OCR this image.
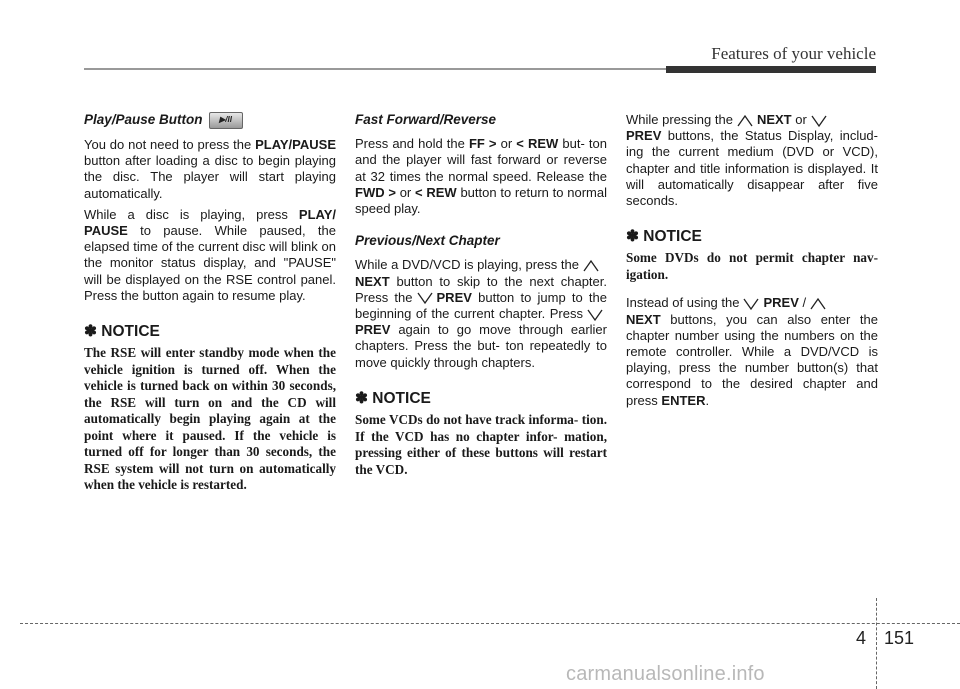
Features of your vehicle
Play/Pause Button	▶/II

You do not need to press the PLAY/PAUSE button after loading a disc to begin playing the disc. The player will start playing automatically.

While a disc is playing, press PLAY/ PAUSE to pause. While paused, the elapsed time of the current disc will blink on the monitor status display, and "PAUSE" will be displayed on the RSE control panel. Press the button again to resume play.

✽ NOTICE

The RSE will enter standby mode when the vehicle ignition is turned off. When the vehicle is turned back on within 30 seconds, the RSE will turn on and the CD will automatically begin playing again at the point where it paused. If the vehicle is turned off for longer than 30 seconds, the RSE system will not turn on automatically when the vehicle is restarted.

Fast Forward/Reverse

Press and hold the FF > or < REW but- ton and the player will fast forward or reverse at 32 times the normal speed. Release the FWD > or < REW button to return to normal speed play.

Previous/Next Chapter

While a DVD/VCD is playing, press the

NEXT button to skip to the next chapter. Press the PREV button to jump to the beginning of the current chapter. Press
PREV again to go move through earlier chapters. Press the but- ton repeatedly to move quickly through chapters.

✽ NOTICE

Some VCDs do not have track informa- tion. If the VCD has no chapter infor- mation, pressing either of these buttons will restart the VCD.

While pressing the NEXT or

PREV buttons, the Status Display, includ- ing the current medium (DVD or VCD), chapter and title information is displayed. It will automatically disappear after five seconds.

✽ NOTICE

Some DVDs do not permit chapter nav- igation.

Instead of using the PREV /

NEXT buttons, you can also enter the chapter number using the numbers on the remote controller. While a DVD/VCD is playing, press the number button(s) that correspond to the desired chapter and press ENTER.

4 151
carmanualsonline.info
